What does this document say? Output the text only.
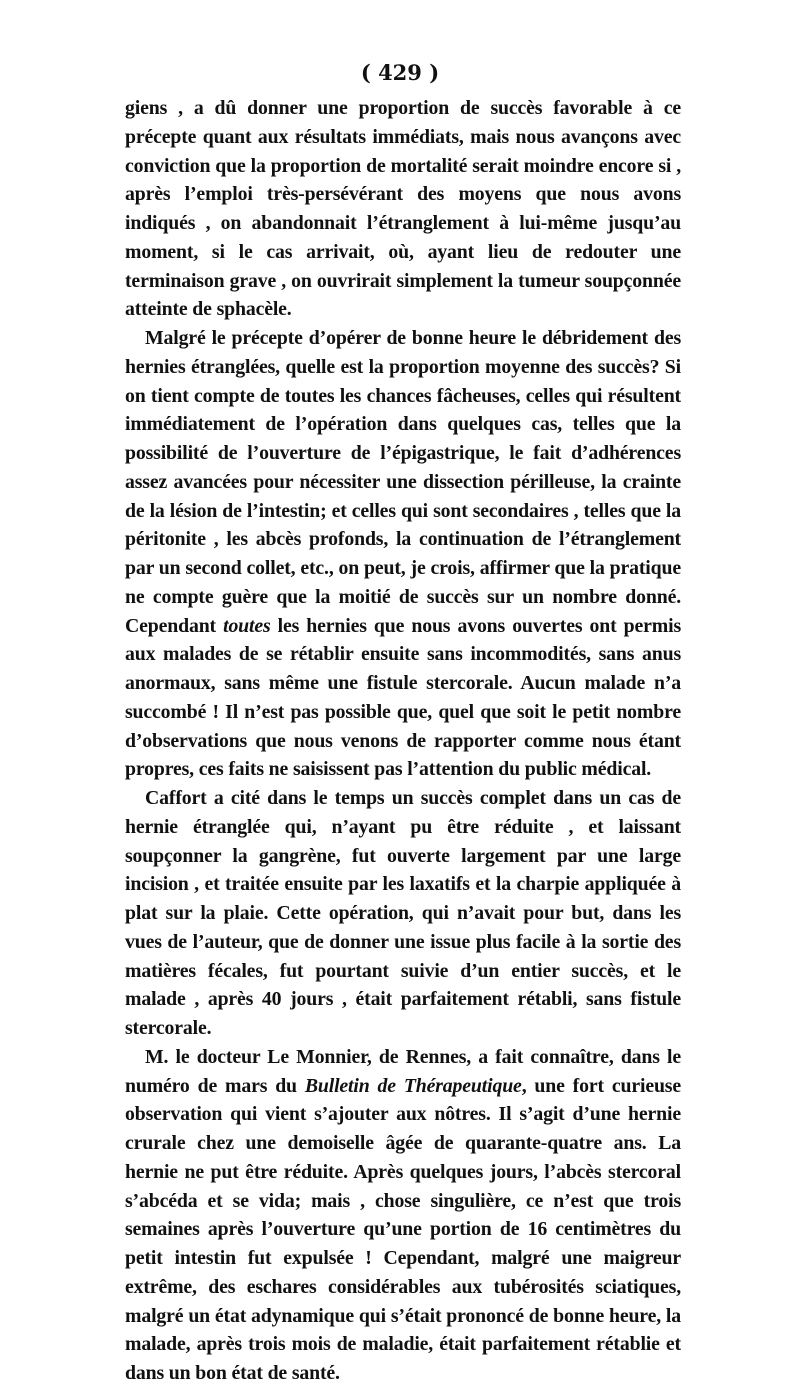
( 429 )

giens , a dû donner une proportion de succès favorable à ce précepte quant aux résultats immédiats, mais nous avançons avec conviction que la proportion de mortalité serait moindre encore si , après l’emploi très-persévérant des moyens que nous avons indiqués , on abandonnait l’étranglement à lui-même jusqu’au moment, si le cas arrivait, où, ayant lieu de redouter une terminaison grave , on ouvrirait simplement la tumeur soupçonnée atteinte de sphacèle.

Malgré le précepte d’opérer de bonne heure le débridement des hernies étranglées, quelle est la proportion moyenne des succès? Si on tient compte de toutes les chances fâcheuses, celles qui résultent immédiatement de l’opération dans quelques cas, telles que la possibilité de l’ouverture de l’épigastrique, le fait d’adhérences assez avancées pour nécessiter une dissection périlleuse, la crainte de la lésion de l’intestin; et celles qui sont secondaires , telles que la péritonite , les abcès profonds, la continuation de l’étranglement par un second collet, etc., on peut, je crois, affirmer que la pratique ne compte guère que la moitié de succès sur un nombre donné. Cependant toutes les hernies que nous avons ouvertes ont permis aux malades de se rétablir ensuite sans incommodités, sans anus anormaux, sans même une fistule stercorale. Aucun malade n’a succombé ! Il n’est pas possible que, quel que soit le petit nombre d’observations que nous venons de rapporter comme nous étant propres, ces faits ne saisissent pas l’attention du public médical.

Caffort a cité dans le temps un succès complet dans un cas de hernie étranglée qui, n’ayant pu être réduite , et laissant soupçonner la gangrène, fut ouverte largement par une large incision , et traitée ensuite par les laxatifs et la charpie appliquée à plat sur la plaie. Cette opération, qui n’avait pour but, dans les vues de l’auteur, que de donner une issue plus facile à la sortie des matières fécales, fut pourtant suivie d’un entier succès, et le malade , après 40 jours , était parfaitement rétabli, sans fistule stercorale.

M. le docteur Le Monnier, de Rennes, a fait connaître, dans le numéro de mars du Bulletin de Thérapeutique, une fort curieuse observation qui vient s’ajouter aux nôtres. Il s’agit d’une hernie crurale chez une demoiselle âgée de quarante-quatre ans. La hernie ne put être réduite. Après quelques jours, l’abcès stercoral s’abcéda et se vida; mais , chose singulière, ce n’est que trois semaines après l’ouverture qu’une portion de 16 centimètres du petit intestin fut expulsée ! Cependant, malgré une maigreur extrême, des eschares considérables aux tubérosités sciatiques, malgré un état adynamique qui s’était prononcé de bonne heure, la malade, après trois mois de maladie, était parfaitement rétablie et dans un bon état de santé.
